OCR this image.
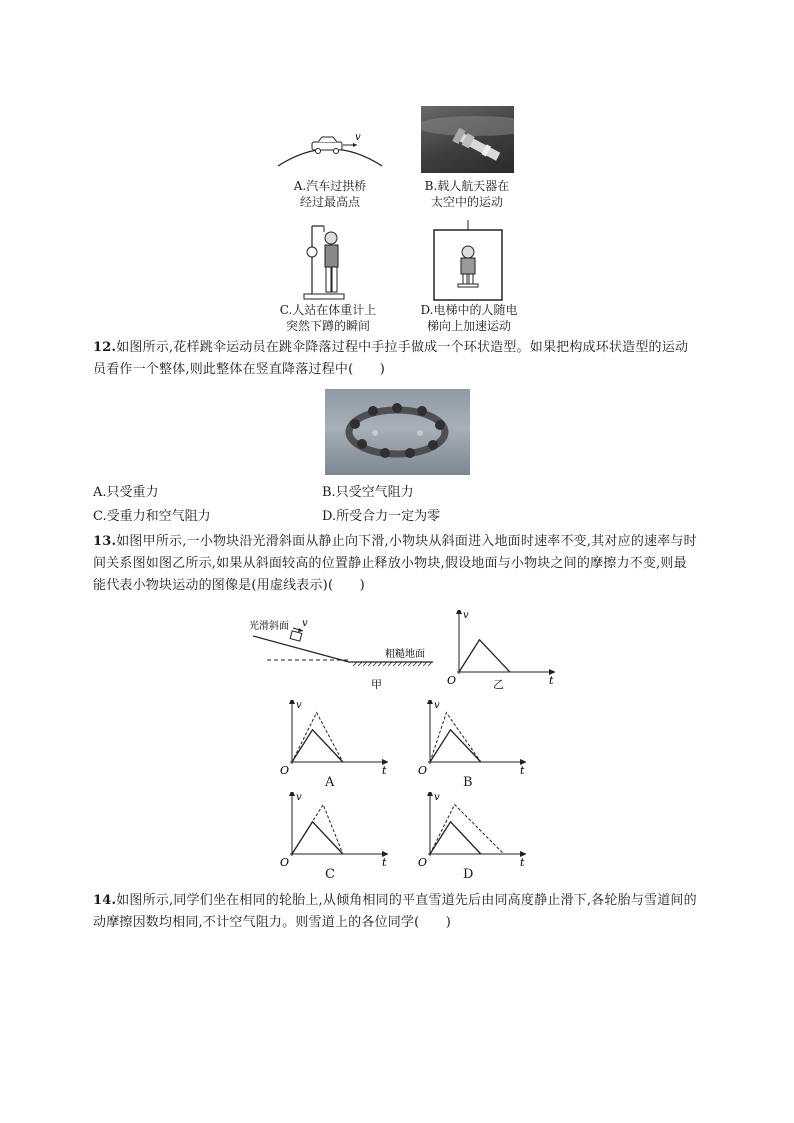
v
A.汽车过拱桥
经过最高点
B.载人航天器在
太空中的运动
C.人站在体重计上
突然下蹲的瞬间
D.电梯中的人随电
梯向上加速运动
12.如图所示,花样跳伞运动员在跳伞降落过程中手拉手做成一个环状造型。如果把构成环状造型的运动员看作一个整体,则此整体在竖直降落过程中(　　)
A.只受重力	B.只受空气阻力
C.受重力和空气阻力	D.所受合力一定为零
13.如图甲所示,一小物块沿光滑斜面从静止向下滑,小物块从斜面进入地面时速率不变,其对应的速率与时间关系图如图乙所示,如果从斜面较高的位置静止释放小物块,假设地面与小物块之间的摩擦力不变,则最能代表小物块运动的图像是(用虚线表示)(　　)
光滑斜面 v
粗糙地面
甲
v
t
O
v
t
O
v
t
O
v
t
O
v
t
O
乙
A	B
C	D
14.如图所示,同学们坐在相同的轮胎上,从倾角相同的平直雪道先后由同高度静止滑下,各轮胎与雪道间的动摩擦因数均相同,不计空气阻力。则雪道上的各位同学(　　)
